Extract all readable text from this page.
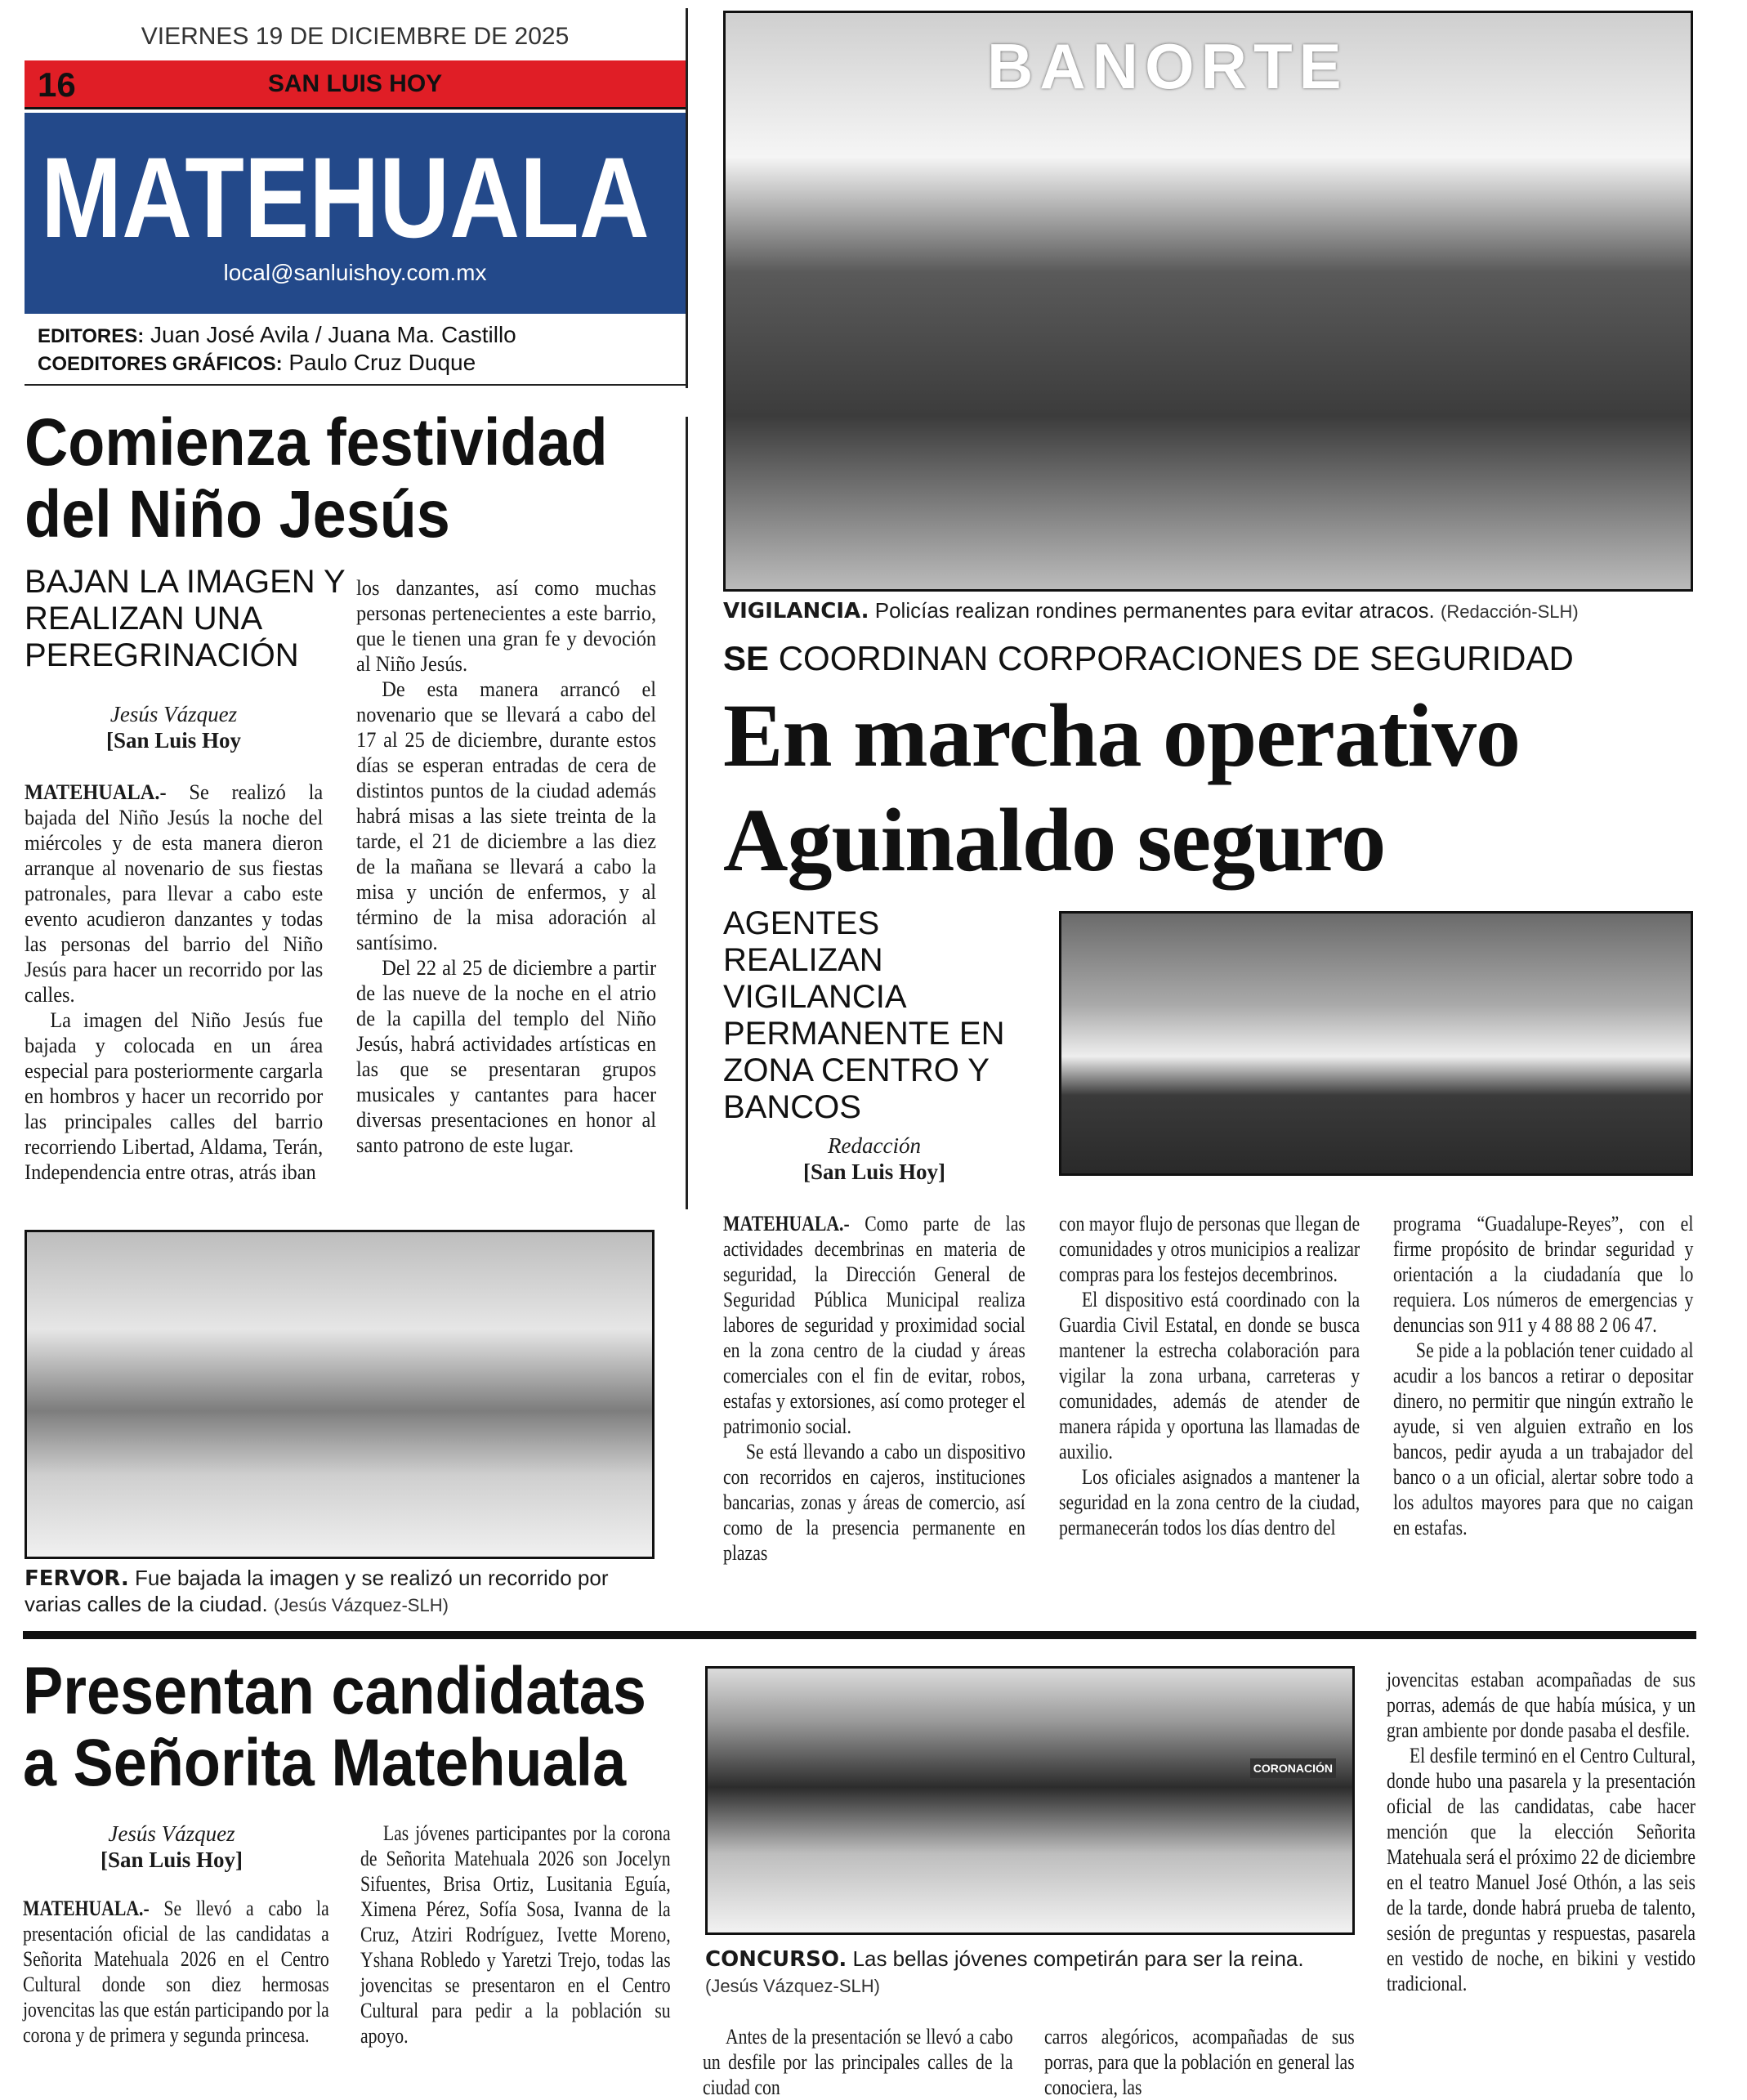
VIERNES 19 DE DICIEMBRE DE 2025
16	SAN LUIS HOY
MATEHUALA
local@sanluishoy.com.mx
EDITORES: Juan José Avila / Juana Ma. Castillo
COEDITORES GRÁFICOS: Paulo Cruz Duque
Comienza festividad del Niño Jesús
BAJAN LA IMAGEN Y REALIZAN UNA PEREGRINACIÓN
Jesús Vázquez
[San Luis Hoy

MATEHUALA.- Se realizó la bajada del Niño Jesús la noche del miércoles y de esta manera dieron arranque al novenario de sus fiestas patronales, para llevar a cabo este evento acudieron danzantes y todas las personas del barrio del Niño Jesús para hacer un recorrido por las calles.

La imagen del Niño Jesús fue bajada y colocada en un área especial para posteriormente cargarla en hombros y hacer un recorrido por las principales calles del barrio recorriendo Libertad, Aldama, Terán, Independencia entre otras, atrás iban

los danzantes, así como muchas personas pertenecientes a este barrio, que le tienen una gran fe y devoción al Niño Jesús.

De esta manera arrancó el novenario que se llevará a cabo del 17 al 25 de diciembre, durante estos días se esperan entradas de cera de distintos puntos de la ciudad además habrá misas a las siete treinta de la tarde, el 21 de diciembre a las diez de la mañana se llevará a cabo la misa y unción de enfermos, y al término de la misa adoración al santísimo.

Del 22 al 25 de diciembre a partir de las nueve de la noche en el atrio de la capilla del templo del Niño Jesús, habrá actividades artísticas en las que se presentaran grupos musicales y cantantes para hacer diversas presentaciones en honor al santo patrono de este lugar.

FERVOR. Fue bajada la imagen y se realizó un recorrido por varias calles de la ciudad. (Jesús Vázquez-SLH)
BANORTE
VIGILANCIA. Policías realizan rondines permanentes para evitar atracos. (Redacción-SLH)
SE COORDINAN CORPORACIONES DE SEGURIDAD
En marcha operativo
Aguinaldo seguro
AGENTES REALIZAN VIGILANCIA PERMANENTE EN ZONA CENTRO Y BANCOS
Redacción
[San Luis Hoy]

MATEHUALA.- Como parte de las actividades decembrinas en materia de seguridad, la Dirección General de Seguridad Pública Municipal realiza labores de seguridad y proximidad social en la zona centro de la ciudad y áreas comerciales con el fin de evitar, robos, estafas y extorsiones, así como proteger el patrimonio social.

Se está llevando a cabo un dispositivo con recorridos en cajeros, instituciones bancarias, zonas y áreas de comercio, así como de la presencia permanente en plazas

con mayor flujo de personas que llegan de comunidades y otros municipios a realizar compras para los festejos decembrinos.

El dispositivo está coordinado con la Guardia Civil Estatal, en donde se busca mantener la estrecha colaboración para vigilar la zona urbana, carreteras y comunidades, además de atender de manera rápida y oportuna las llamadas de auxilio.

Los oficiales asignados a mantener la seguridad en la zona centro de la ciudad, permanecerán todos los días dentro del

programa “Guadalupe-Reyes”, con el firme propósito de brindar seguridad y orientación a la ciudadanía que lo requiera. Los números de emergencias y denuncias son 911 y 4 88 88 2 06 47.

Se pide a la población tener cuidado al acudir a los bancos a retirar o depositar dinero, no permitir que ningún extraño le ayude, si ven alguien extraño en los bancos, pedir ayuda a un trabajador del banco o a un oficial, alertar sobre todo a los adultos mayores para que no caigan en estafas.

Presentan candidatas a Señorita Matehuala
Jesús Vázquez
[San Luis Hoy]

MATEHUALA.- Se llevó a cabo la presentación oficial de las candidatas a Señorita Matehuala 2026 en el Centro Cultural donde son diez hermosas jovencitas las que están participando por la corona y de primera y segunda princesa.

Las jóvenes participantes por la corona de Señorita Matehuala 2026 son Jocelyn Sifuentes, Brisa Ortiz, Lusitania Eguía, Ximena Pérez, Sofía Sosa, Ivanna de la Cruz, Atziri Rodríguez, Ivette Moreno, Yshana Robledo y Yaretzi Trejo, todas las jovencitas se presentaron en el Centro Cultural para pedir a la población su apoyo.

CORONACIÓN
CONCURSO. Las bellas jóvenes competirán para ser la reina.
(Jesús Vázquez-SLH)

Antes de la presentación se llevó a cabo un desfile por las principales calles de la ciudad con

carros alegóricos, acompañadas de sus porras, para que la población en general las conociera, las

jovencitas estaban acompañadas de sus porras, además de que había música, y un gran ambiente por donde pasaba el desfile.

El desfile terminó en el Centro Cultural, donde hubo una pasarela y la presentación oficial de las candidatas, cabe hacer mención que la elección Señorita Matehuala será el próximo 22 de diciembre en el teatro Manuel José Othón, a las seis de la tarde, donde habrá prueba de talento, sesión de preguntas y respuestas, pasarela en vestido de noche, en bikini y vestido tradicional.
